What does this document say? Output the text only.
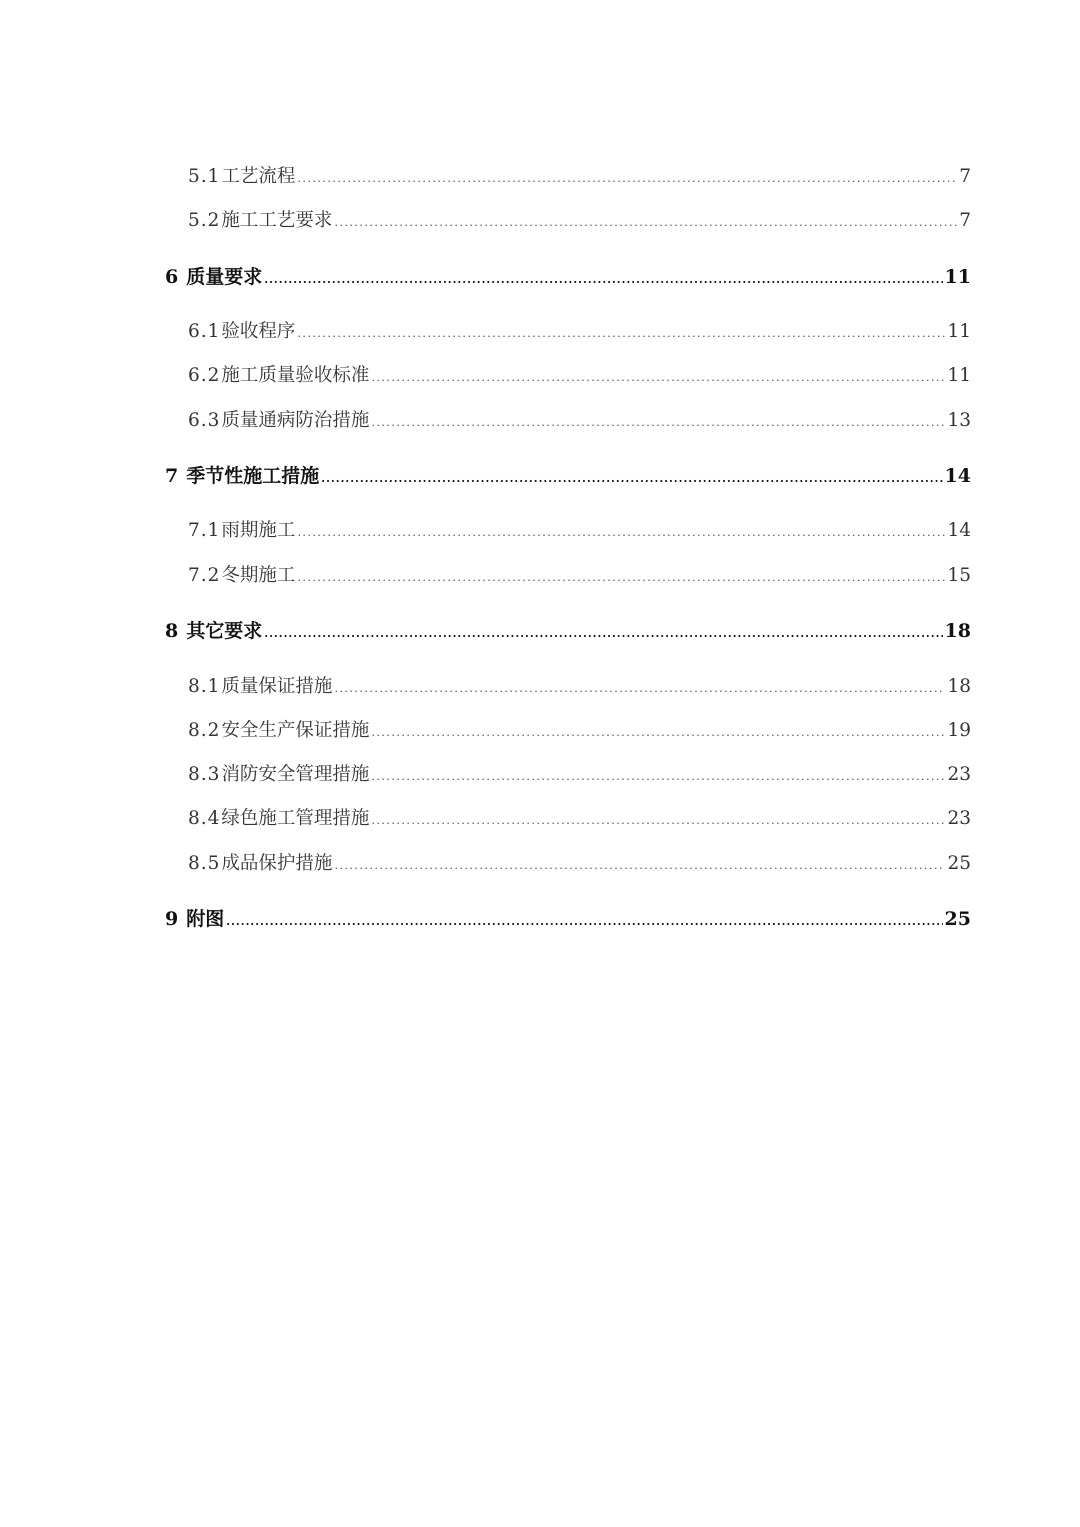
5.1 工艺流程 .....	7
5.2 施工工艺要求 .....	7
6 质量要求 .....	11
6.1 验收程序 .....	11
6.2 施工质量验收标准 .....	11
6.3 质量通病防治措施 .....	13
7 季节性施工措施 .....	14
7.1 雨期施工 .....	14
7.2 冬期施工 .....	15
8 其它要求 .....	18
8.1 质量保证措施 .....	18
8.2 安全生产保证措施 .....	19
8.3 消防安全管理措施 .....	23
8.4 绿色施工管理措施 .....	23
8.5 成品保护措施 .....	25
9 附图 .....	25
